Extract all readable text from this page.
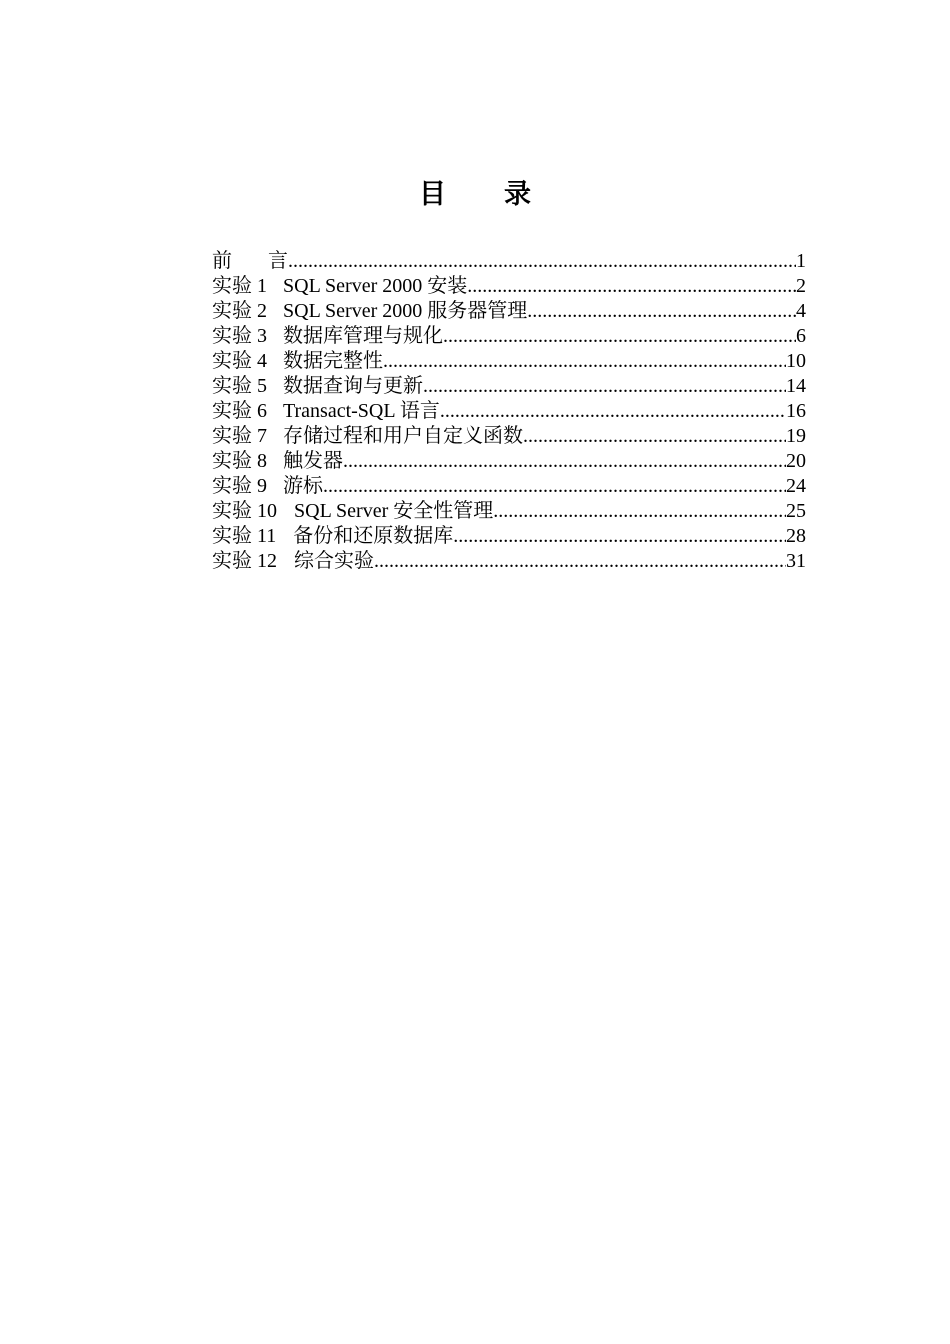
目 录
前 言 .....	1
实验 1 SQL Server 2000 安装 .....	2
实验 2 SQL Server 2000 服务器管理 .....	4
实验 3 数据库管理与规化 .....	6
实验 4 数据完整性 .....	10
实验 5 数据查询与更新 .....	14
实验 6 Transact-SQL 语言 .....	16
实验 7 存储过程和用户自定义函数 .....	19
实验 8 触发器 .....	20
实验 9 游标 .....	24
实验 10 SQL Server 安全性管理 .....	25
实验 11 备份和还原数据库 .....	28
实验 12 综合实验 .....	31
